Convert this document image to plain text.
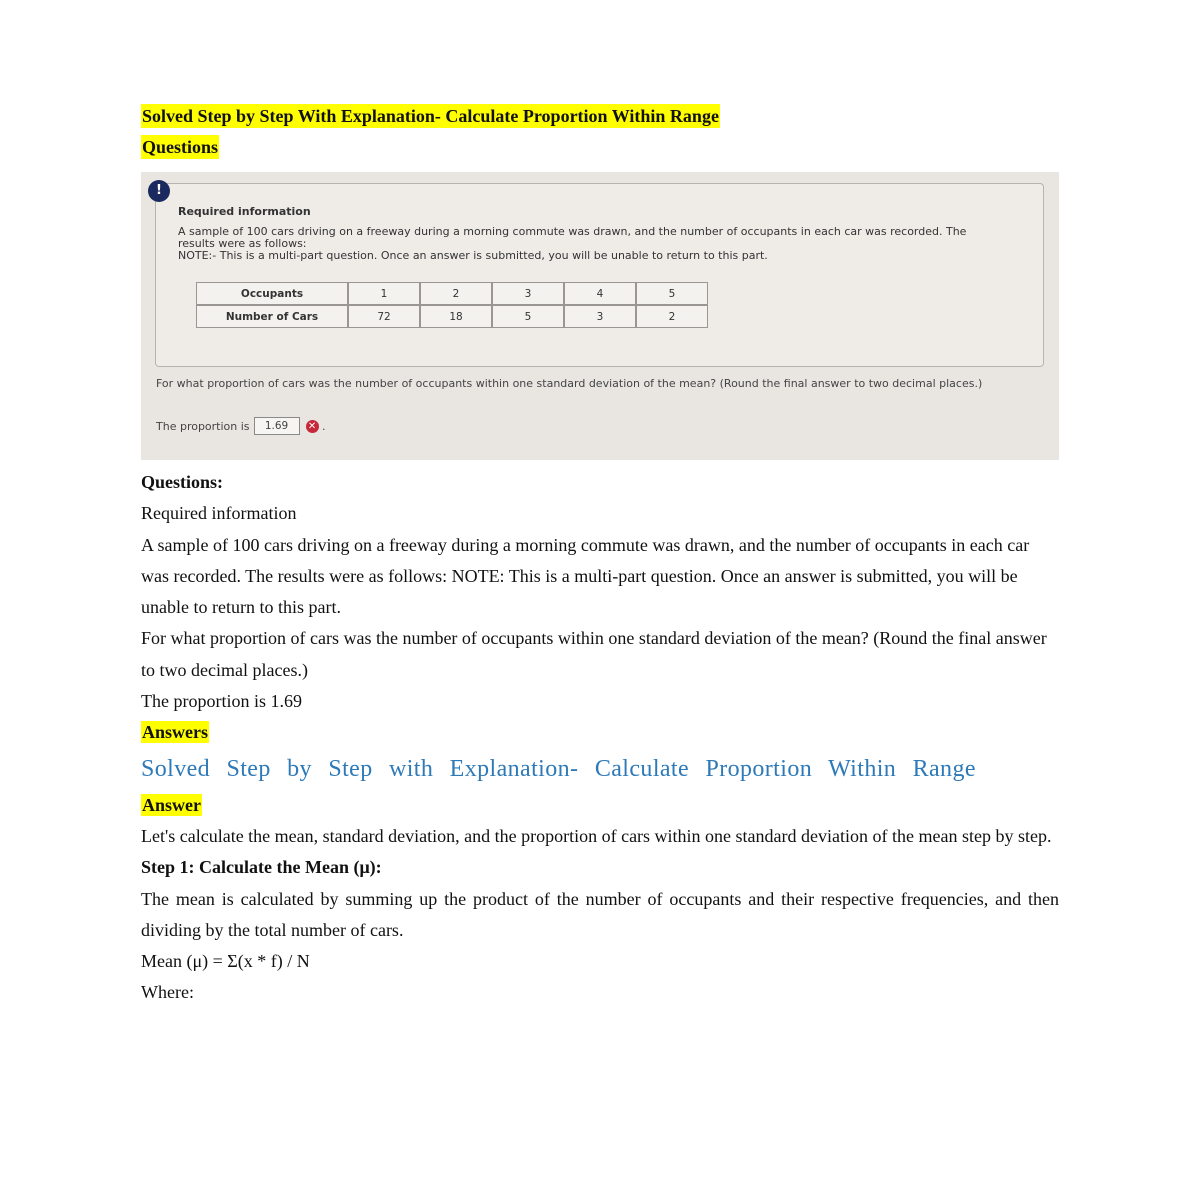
Solved Step by Step With Explanation- Calculate Proportion Within Range
Questions
!
Required information
A sample of 100 cars driving on a freeway during a morning commute was drawn, and the number of occupants in each car was recorded. The results were as follows:
NOTE:- This is a multi-part question. Once an answer is submitted, you will be unable to return to this part.
Occupants	1	2	3	4	5
Number of Cars	72	18	5	3	2
For what proportion of cars was the number of occupants within one standard deviation of the mean? (Round the final answer to two decimal places.)
The proportion is	1.69	✕ .
Questions:
Required information
A sample of 100 cars driving on a freeway during a morning commute was drawn, and the number of occupants in each car was recorded. The results were as follows: NOTE: This is a multi-part question. Once an answer is submitted, you will be unable to return to this part.
For what proportion of cars was the number of occupants within one standard deviation of the mean? (Round the final answer to two decimal places.)
The proportion is 1.69
Answers
Solved Step by Step with Explanation- Calculate Proportion Within Range
Answer
Let's calculate the mean, standard deviation, and the proportion of cars within one standard deviation of the mean step by step.
Step 1: Calculate the Mean (μ):
The mean is calculated by summing up the product of the number of occupants and their respective frequencies, and then dividing by the total number of cars.
Mean (μ) = Σ(x * f) / N
Where:
